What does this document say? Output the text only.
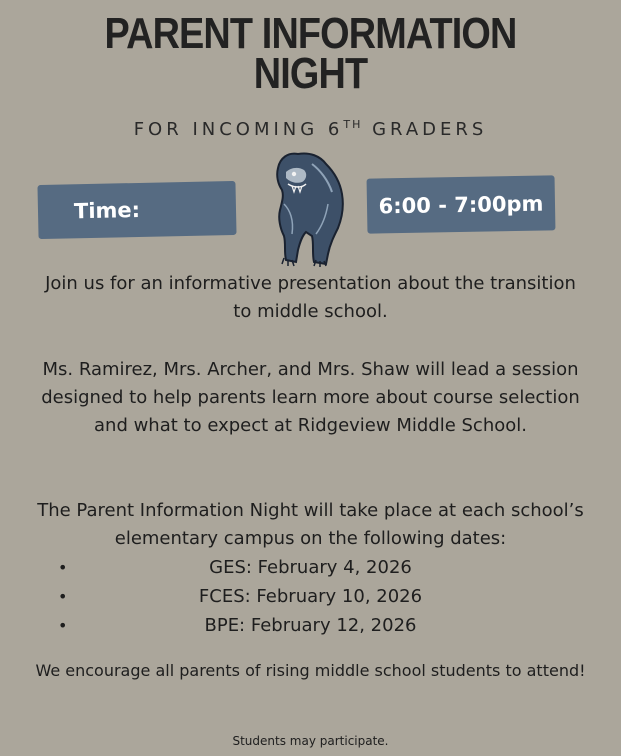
PARENT INFORMATION
NIGHT
FOR INCOMING 6TH GRADERS
Time:	6:00 - 7:00pm
Join us for an informative presentation about the transition to middle school.
Ms. Ramirez, Mrs. Archer, and Mrs. Shaw will lead a session designed to help parents learn more about course selection and what to expect at Ridgeview Middle School.
The Parent Information Night will take place at each school’s elementary campus on the following dates:
•	GES: February 4, 2026
•	FCES: February 10, 2026
•	BPE: February 12, 2026
We encourage all parents of rising middle school students to attend!
Students may participate.
